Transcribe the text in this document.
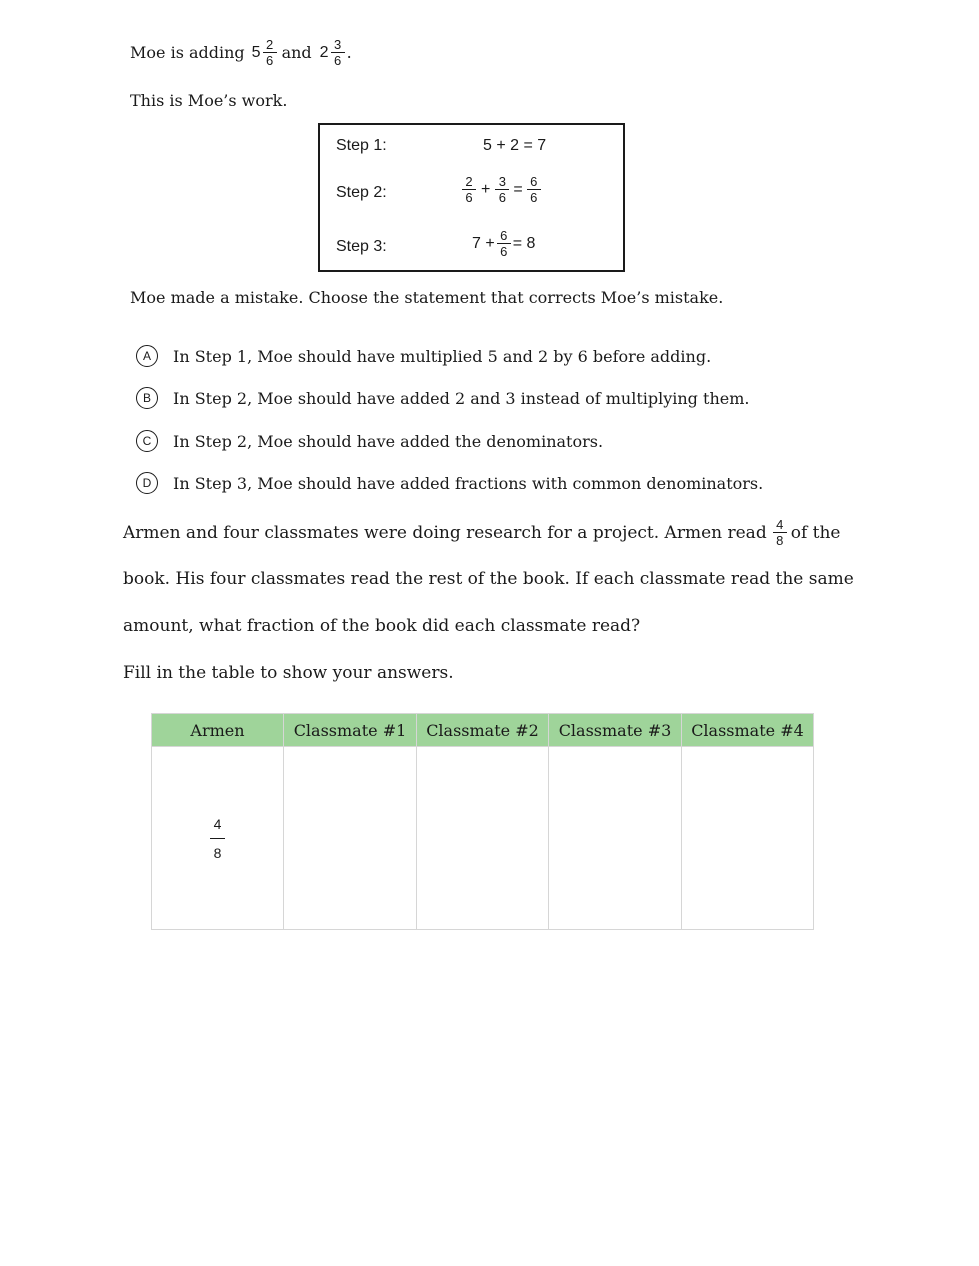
Moe is adding $5 \frac{2}{6}$ and $2 \frac{3}{6}$ .
This is Moe’s work.
Step 1:	5 + 2 = 7
Step 2:	$\frac{2}{6} + \frac{3}{6} = \frac{6}{6}$
Step 3:	$7 + \frac{6}{6} = 8$
Moe made a mistake. Choose the statement that corrects Moe’s mistake.
A	In Step 1, Moe should have multiplied 5 and 2 by 6 before adding.
B	In Step 2, Moe should have added 2 and 3 instead of multiplying them.
C	In Step 2, Moe should have added the denominators.
D	In Step 3, Moe should have added fractions with common denominators.
Armen and four classmates were doing research for a project. Armen read $\frac{4}{8}$ of the
book. His four classmates read the rest of the book. If each classmate read the same
amount, what fraction of the book did each classmate read?
Fill in the table to show your answers.
Armen	Classmate #1	Classmate #2	Classmate #3	Classmate #4

$\frac{4}{8}$
